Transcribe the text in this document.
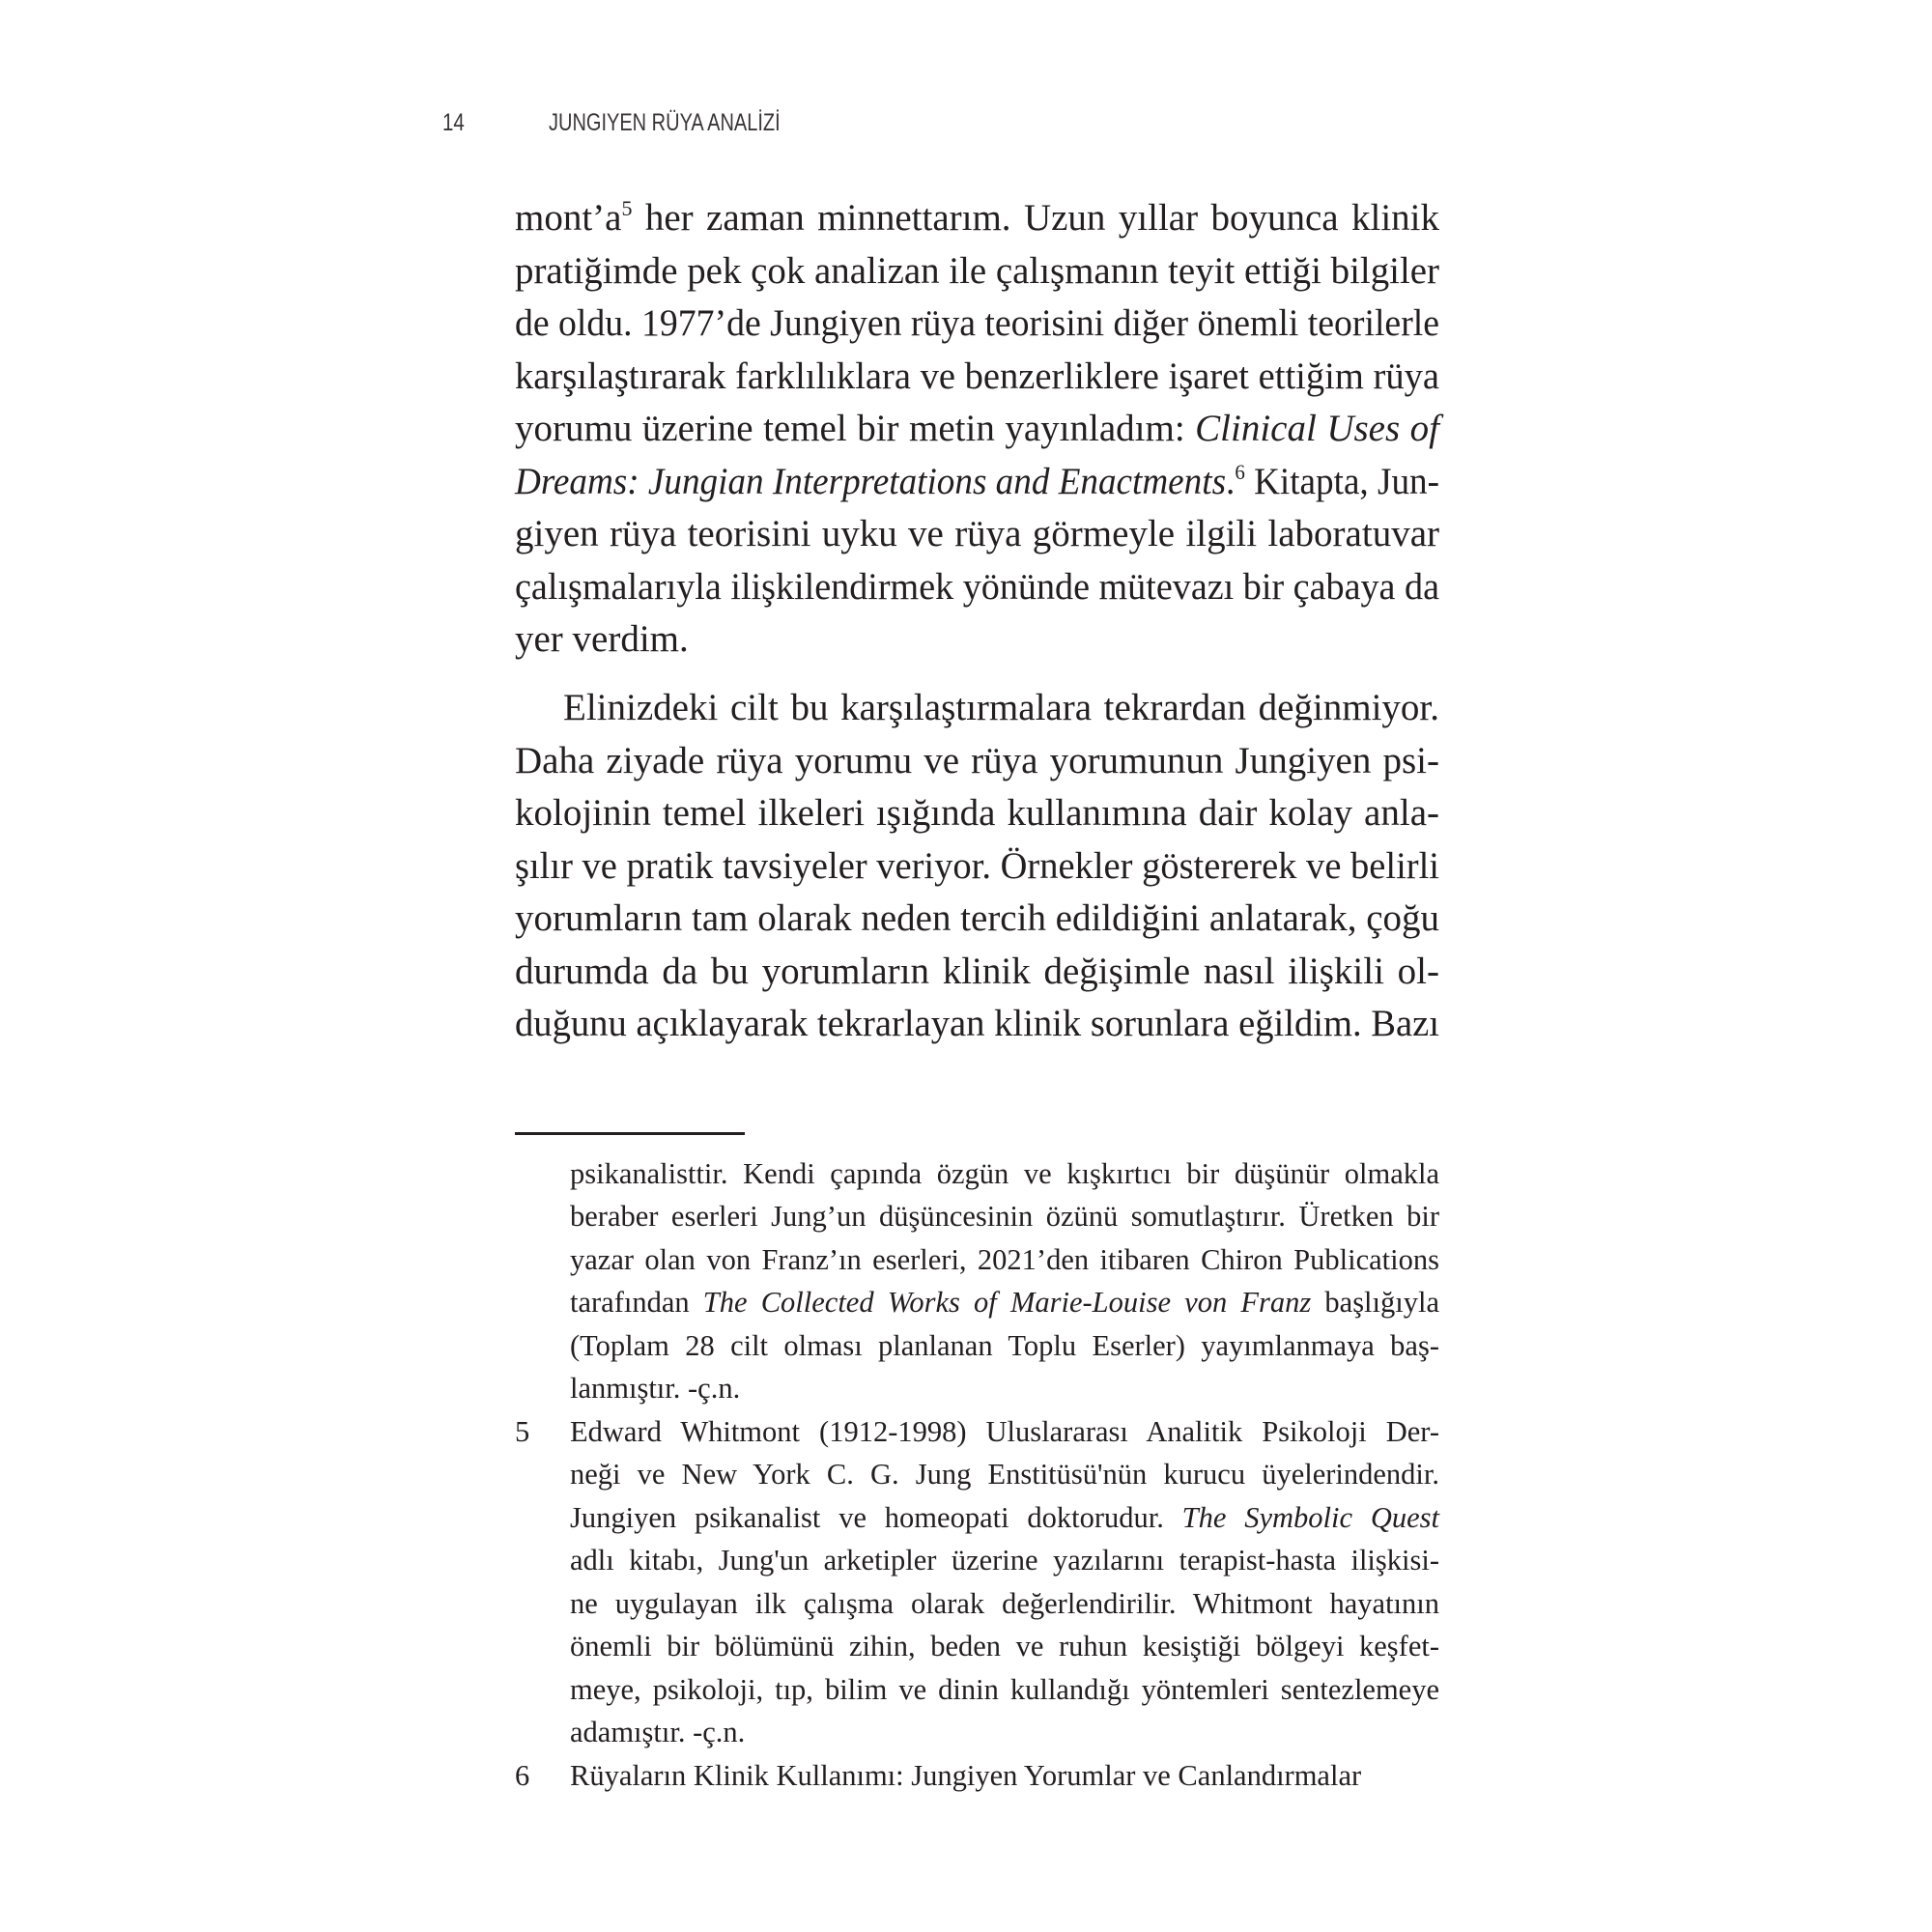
14	JUNGIYEN RÜYA ANALİZİ
$mont’a^5$ her zaman minnettarım. Uzun yıllar boyunca klinik
pratiğimde pek çok analizan ile çalışmanın teyit ettiği bilgiler
de oldu. 1977’de Jungiyen rüya teorisini diğer önemli teorilerle
karşılaştırarak farklılıklara ve benzerliklere işaret ettiğim rüya
yorumu üzerine temel bir metin yayınladım: Clinical Uses of
Dreams: Jungian Interpretations and Enactments.$^6$ Kitapta, Jun-
giyen rüya teorisini uyku ve rüya görmeyle ilgili laboratuvar
çalışmalarıyla ilişkilendirmek yönünde mütevazı bir çabaya da
yer verdim.
Elinizdeki cilt bu karşılaştırmalara tekrardan değinmiyor.
Daha ziyade rüya yorumu ve rüya yorumunun Jungiyen psi-
kolojinin temel ilkeleri ışığında kullanımına dair kolay anla-
şılır ve pratik tavsiyeler veriyor. Örnekler göstererek ve belirli
yorumların tam olarak neden tercih edildiğini anlatarak, çoğu
durumda da bu yorumların klinik değişimle nasıl ilişkili ol-
duğunu açıklayarak tekrarlayan klinik sorunlara eğildim. Bazı
psikanalisttir. Kendi çapında özgün ve kışkırtıcı bir düşünür olmakla
beraber eserleri Jung’un düşüncesinin özünü somutlaştırır. Üretken bir
yazar olan von Franz’ın eserleri, 2021’den itibaren Chiron Publications
tarafından The Collected Works of Marie-Louise von Franz başlığıyla
(Toplam 28 cilt olması planlanan Toplu Eserler) yayımlanmaya baş-
lanmıştır. -ç.n.
5	Edward Whitmont (1912-1998) Uluslararası Analitik Psikoloji Der-
neği ve New York C. G. Jung Enstitüsü'nün kurucu üyelerindendir.
Jungiyen psikanalist ve homeopati doktorudur. The Symbolic Quest
adlı kitabı, Jung'un arketipler üzerine yazılarını terapist-hasta ilişkisi-
ne uygulayan ilk çalışma olarak değerlendirilir. Whitmont hayatının
önemli bir bölümünü zihin, beden ve ruhun kesiştiği bölgeyi keşfet-
meye, psikoloji, tıp, bilim ve dinin kullandığı yöntemleri sentezlemeye
adamıştır. -ç.n.
6	Rüyaların Klinik Kullanımı: Jungiyen Yorumlar ve Canlandırmalar
